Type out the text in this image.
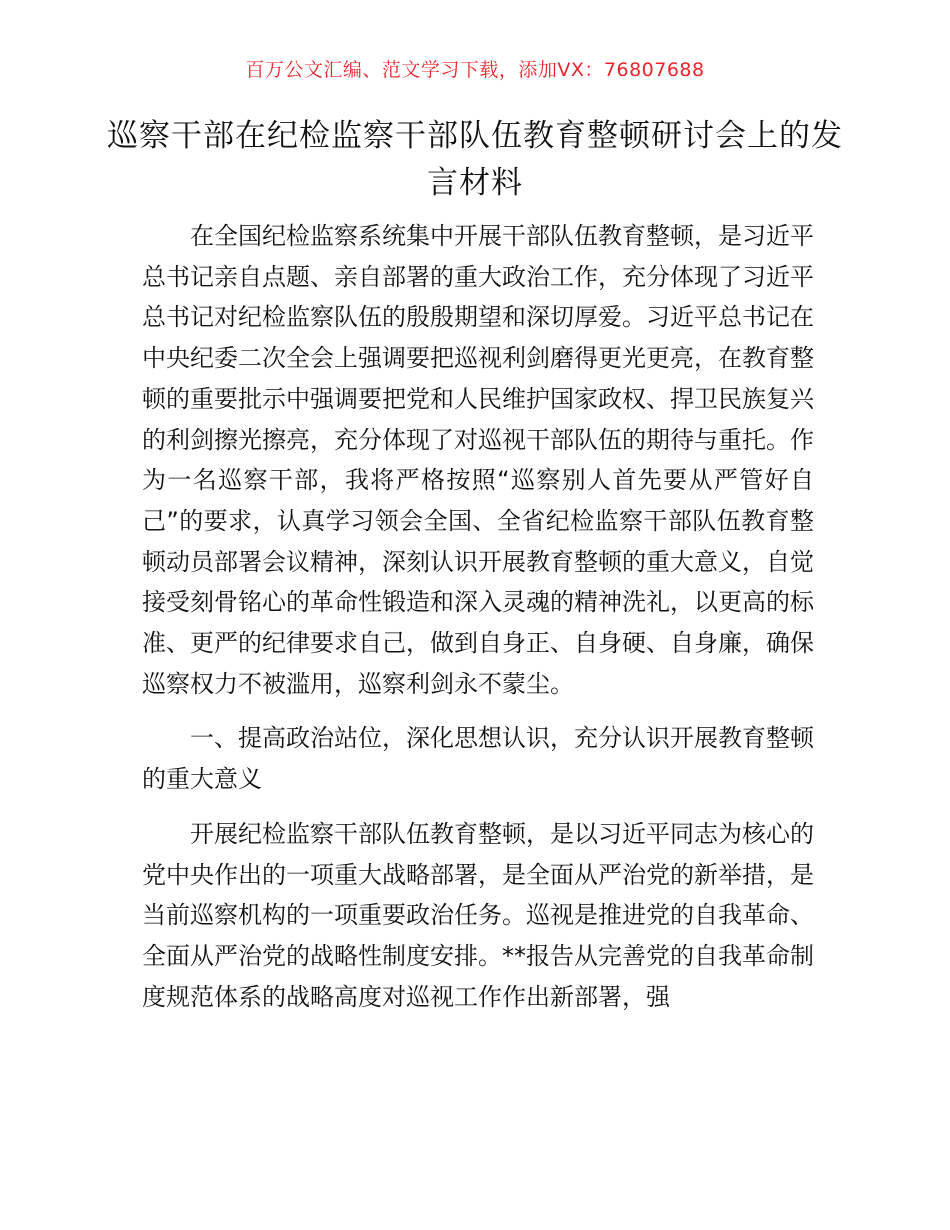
百万公文汇编、范文学习下载，添加VX：76807688
巡察干部在纪检监察干部队伍教育整顿研讨会上的发言材料

在全国纪检监察系统集中开展干部队伍教育整顿，是习近平总书记亲自点题、亲自部署的重大政治工作，充分体现了习近平总书记对纪检监察队伍的殷殷期望和深切厚爱。习近平总书记在中央纪委二次全会上强调要把巡视利剑磨得更光更亮，在教育整顿的重要批示中强调要把党和人民维护国家政权、捍卫民族复兴的利剑擦光擦亮，充分体现了对巡视干部队伍的期待与重托。作为一名巡察干部，我将严格按照“巡察别人首先要从严管好自己”的要求，认真学习领会全国、全省纪检监察干部队伍教育整顿动员部署会议精神，深刻认识开展教育整顿的重大意义，自觉接受刻骨铭心的革命性锻造和深入灵魂的精神洗礼，以更高的标准、更严的纪律要求自己，做到自身正、自身硬、自身廉，确保巡察权力不被滥用，巡察利剑永不蒙尘。

一、提高政治站位，深化思想认识，充分认识开展教育整顿的重大意义

开展纪检监察干部队伍教育整顿，是以习近平同志为核心的党中央作出的一项重大战略部署，是全面从严治党的新举措，是当前巡察机构的一项重要政治任务。巡视是推进党的自我革命、全面从严治党的战略性制度安排。**报告从完善党的自我革命制度规范体系的战略高度对巡视工作作出新部署，强
